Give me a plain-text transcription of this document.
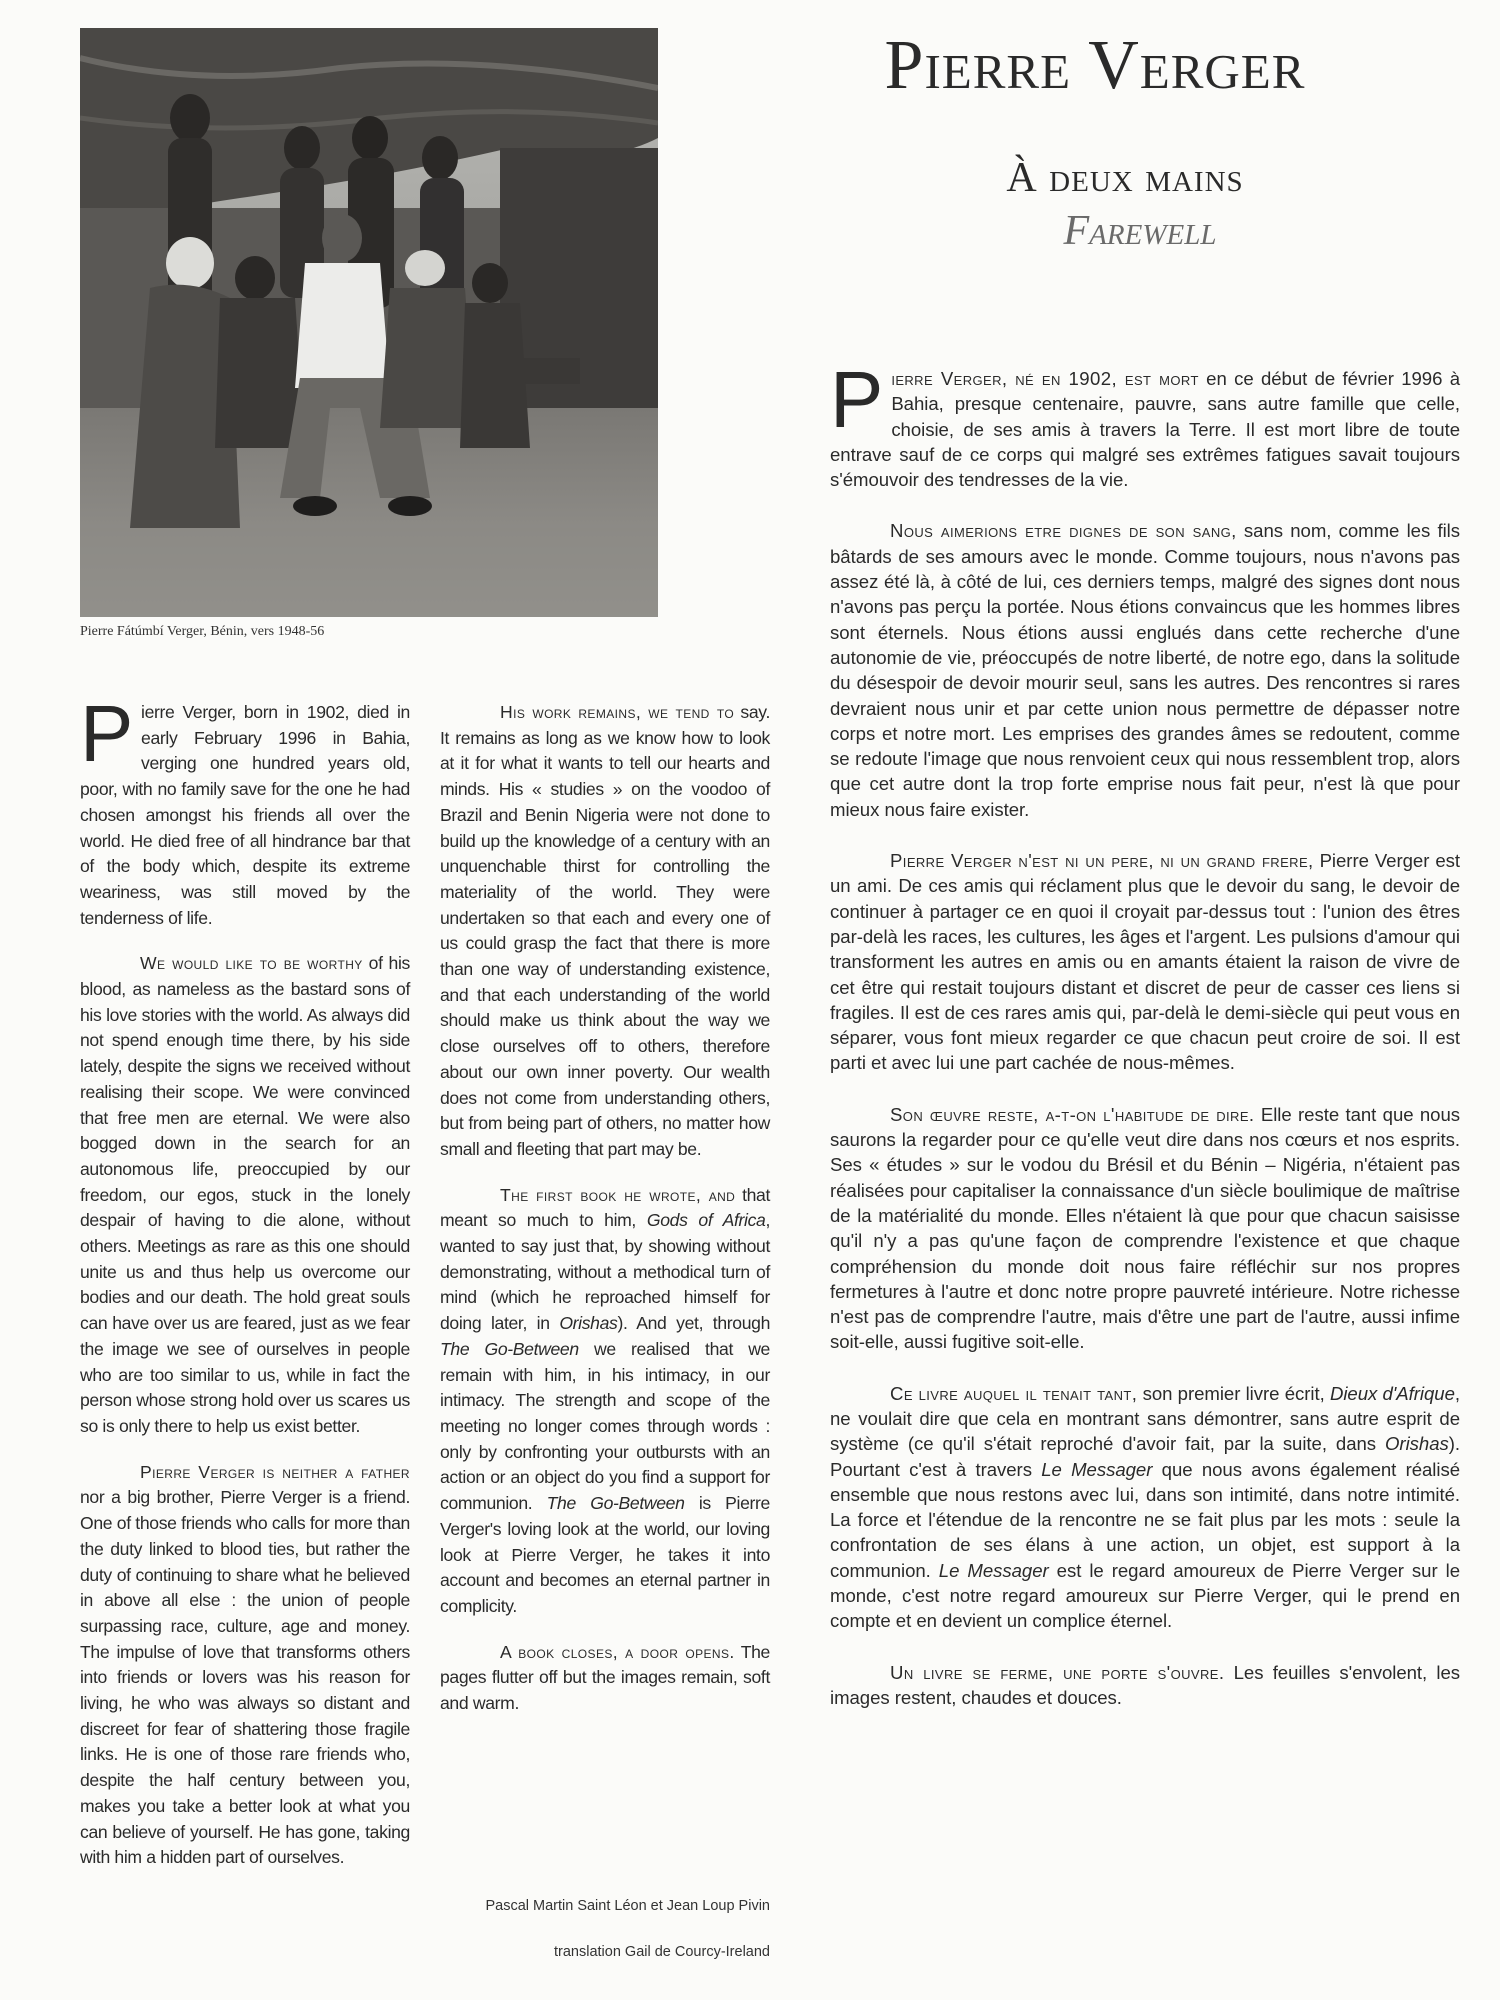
Pierre Fátúmbí Verger, Bénin, vers 1948-56
Pierre Verger
À deux mains
Farewell

Pierre Verger, born in 1902, died in early February 1996 in Bahia, verging one hundred years old, poor, with no family save for the one he had chosen amongst his friends all over the world. He died free of all hindrance bar that of the body which, despite its extreme weariness, was still moved by the tenderness of life.

We would like to be worthy of his blood, as nameless as the bastard sons of his love stories with the world. As always did not spend enough time there, by his side lately, despite the signs we received without realising their scope. We were convinced that free men are eternal. We were also bogged down in the search for an autonomous life, preoccupied by our freedom, our egos, stuck in the lonely despair of having to die alone, without others. Meetings as rare as this one should unite us and thus help us overcome our bodies and our death. The hold great souls can have over us are feared, just as we fear the image we see of ourselves in people who are too similar to us, while in fact the person whose strong hold over us scares us so is only there to help us exist better.

Pierre Verger is neither a father nor a big brother, Pierre Verger is a friend. One of those friends who calls for more than the duty linked to blood ties, but rather the duty of continuing to share what he believed in above all else : the union of people surpassing race, culture, age and money. The impulse of love that transforms others into friends or lovers was his reason for living, he who was always so distant and discreet for fear of shattering those fragile links. He is one of those rare friends who, despite the half century between you, makes you take a better look at what you can believe of yourself. He has gone, taking with him a hidden part of ourselves.

His work remains, we tend to say. It remains as long as we know how to look at it for what it wants to tell our hearts and minds. His « studies » on the voodoo of Brazil and Benin Nigeria were not done to build up the knowledge of a century with an unquenchable thirst for controlling the materiality of the world. They were undertaken so that each and every one of us could grasp the fact that there is more than one way of understanding existence, and that each understanding of the world should make us think about the way we close ourselves off to others, therefore about our own inner poverty. Our wealth does not come from understanding others, but from being part of others, no matter how small and fleeting that part may be.

The first book he wrote, and that meant so much to him, Gods of Africa, wanted to say just that, by showing without demonstrating, without a methodical turn of mind (which he reproached himself for doing later, in Orishas). And yet, through The Go-Between we realised that we remain with him, in his intimacy, in our intimacy. The strength and scope of the meeting no longer comes through words : only by confronting your outbursts with an action or an object do you find a support for communion. The Go-Between is Pierre Verger's loving look at the world, our loving look at Pierre Verger, he takes it into account and becomes an eternal partner in complicity.

A book closes, a door opens. The pages flutter off but the images remain, soft and warm.

Pascal Martin Saint Léon et Jean Loup Pivin
translation Gail de Courcy-Ireland

Pierre Verger, né en 1902, est mort en ce début de février 1996 à Bahia, presque centenaire, pauvre, sans autre famille que celle, choisie, de ses amis à travers la Terre. Il est mort libre de toute entrave sauf de ce corps qui malgré ses extrêmes fatigues savait toujours s'émouvoir des tendresses de la vie.

Nous aimerions etre dignes de son sang, sans nom, comme les fils bâtards de ses amours avec le monde. Comme toujours, nous n'avons pas assez été là, à côté de lui, ces derniers temps, malgré des signes dont nous n'avons pas perçu la portée. Nous étions convaincus que les hommes libres sont éternels. Nous étions aussi englués dans cette recherche d'une autonomie de vie, préoccupés de notre liberté, de notre ego, dans la solitude du désespoir de devoir mourir seul, sans les autres. Des rencontres si rares devraient nous unir et par cette union nous permettre de dépasser notre corps et notre mort. Les emprises des grandes âmes se redoutent, comme se redoute l'image que nous renvoient ceux qui nous ressemblent trop, alors que cet autre dont la trop forte emprise nous fait peur, n'est là que pour mieux nous faire exister.

Pierre Verger n'est ni un pere, ni un grand frere, Pierre Verger est un ami. De ces amis qui réclament plus que le devoir du sang, le devoir de continuer à partager ce en quoi il croyait par-dessus tout : l'union des êtres par-delà les races, les cultures, les âges et l'argent. Les pulsions d'amour qui transforment les autres en amis ou en amants étaient la raison de vivre de cet être qui restait toujours distant et discret de peur de casser ces liens si fragiles. Il est de ces rares amis qui, par-delà le demi-siècle qui peut vous en séparer, vous font mieux regarder ce que chacun peut croire de soi. Il est parti et avec lui une part cachée de nous-mêmes.

Son œuvre reste, a-t-on l'habitude de dire. Elle reste tant que nous saurons la regarder pour ce qu'elle veut dire dans nos cœurs et nos esprits. Ses « études » sur le vodou du Brésil et du Bénin – Nigéria, n'étaient pas réalisées pour capitaliser la connaissance d'un siècle boulimique de maîtrise de la matérialité du monde. Elles n'étaient là que pour que chacun saisisse qu'il n'y a pas qu'une façon de comprendre l'existence et que chaque compréhension du monde doit nous faire réfléchir sur nos propres fermetures à l'autre et donc notre propre pauvreté intérieure. Notre richesse n'est pas de comprendre l'autre, mais d'être une part de l'autre, aussi infime soit-elle, aussi fugitive soit-elle.

Ce livre auquel il tenait tant, son premier livre écrit, Dieux d'Afrique, ne voulait dire que cela en montrant sans démontrer, sans autre esprit de système (ce qu'il s'était reproché d'avoir fait, par la suite, dans Orishas). Pourtant c'est à travers Le Messager que nous avons également réalisé ensemble que nous restons avec lui, dans son intimité, dans notre intimité. La force et l'étendue de la rencontre ne se fait plus par les mots : seule la confrontation de ses élans à une action, un objet, est support à la communion. Le Messager est le regard amoureux de Pierre Verger sur le monde, c'est notre regard amoureux sur Pierre Verger, qui le prend en compte et en devient un complice éternel.

Un livre se ferme, une porte s'ouvre. Les feuilles s'envolent, les images restent, chaudes et douces.
